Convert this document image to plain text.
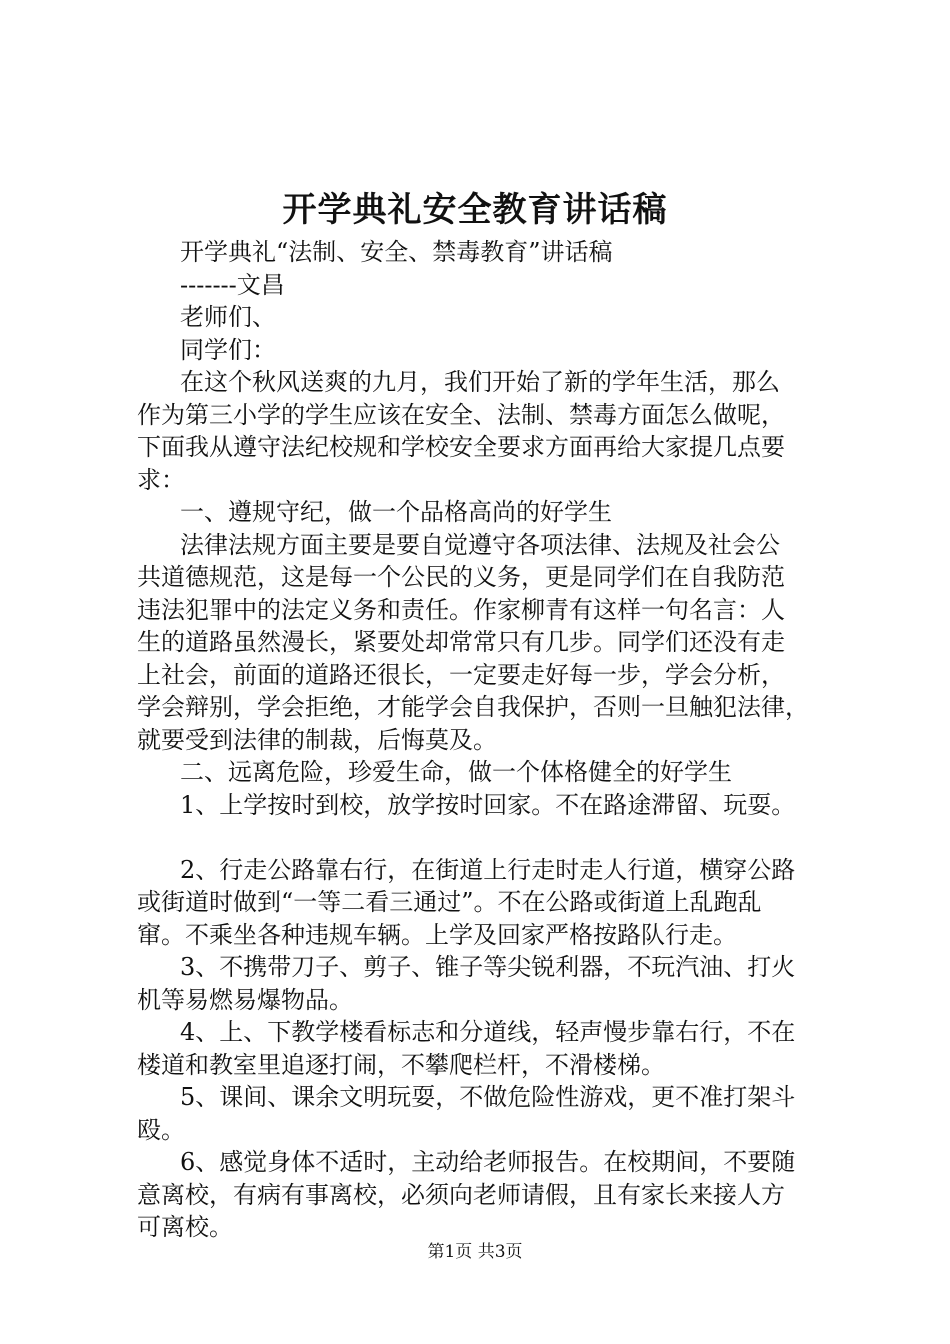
开学典礼安全教育讲话稿

开学典礼“法制、安全、禁毒教育”讲话稿

-------文昌

老师们、

同学们：

在这个秋风送爽的九月，我们开始了新的学年生活，那么

作为第三小学的学生应该在安全、法制、禁毒方面怎么做呢，

下面我从遵守法纪校规和学校安全要求方面再给大家提几点要

求：

一、遵规守纪，做一个品格高尚的好学生

法律法规方面主要是要自觉遵守各项法律、法规及社会公

共道德规范，这是每一个公民的义务，更是同学们在自我防范

违法犯罪中的法定义务和责任。作家柳青有这样一句名言：人

生的道路虽然漫长，紧要处却常常只有几步。同学们还没有走

上社会，前面的道路还很长，一定要走好每一步，学会分析，

学会辩别，学会拒绝，才能学会自我保护，否则一旦触犯法律，

就要受到法律的制裁，后悔莫及。

二、远离危险，珍爱生命，做一个体格健全的好学生

1、上学按时到校，放学按时回家。不在路途滞留、玩耍。

2、行走公路靠右行，在街道上行走时走人行道，横穿公路

或街道时做到“一等二看三通过”。不在公路或街道上乱跑乱

窜。不乘坐各种违规车辆。上学及回家严格按路队行走。

3、不携带刀子、剪子、锥子等尖锐利器，不玩汽油、打火

机等易燃易爆物品。

4、上、下教学楼看标志和分道线，轻声慢步靠右行，不在

楼道和教室里追逐打闹，不攀爬栏杆，不滑楼梯。

5、课间、课余文明玩耍，不做危险性游戏，更不准打架斗

殴。

6、感觉身体不适时，主动给老师报告。在校期间，不要随

意离校，有病有事离校，必须向老师请假，且有家长来接人方

可离校。

第1页 共3页
